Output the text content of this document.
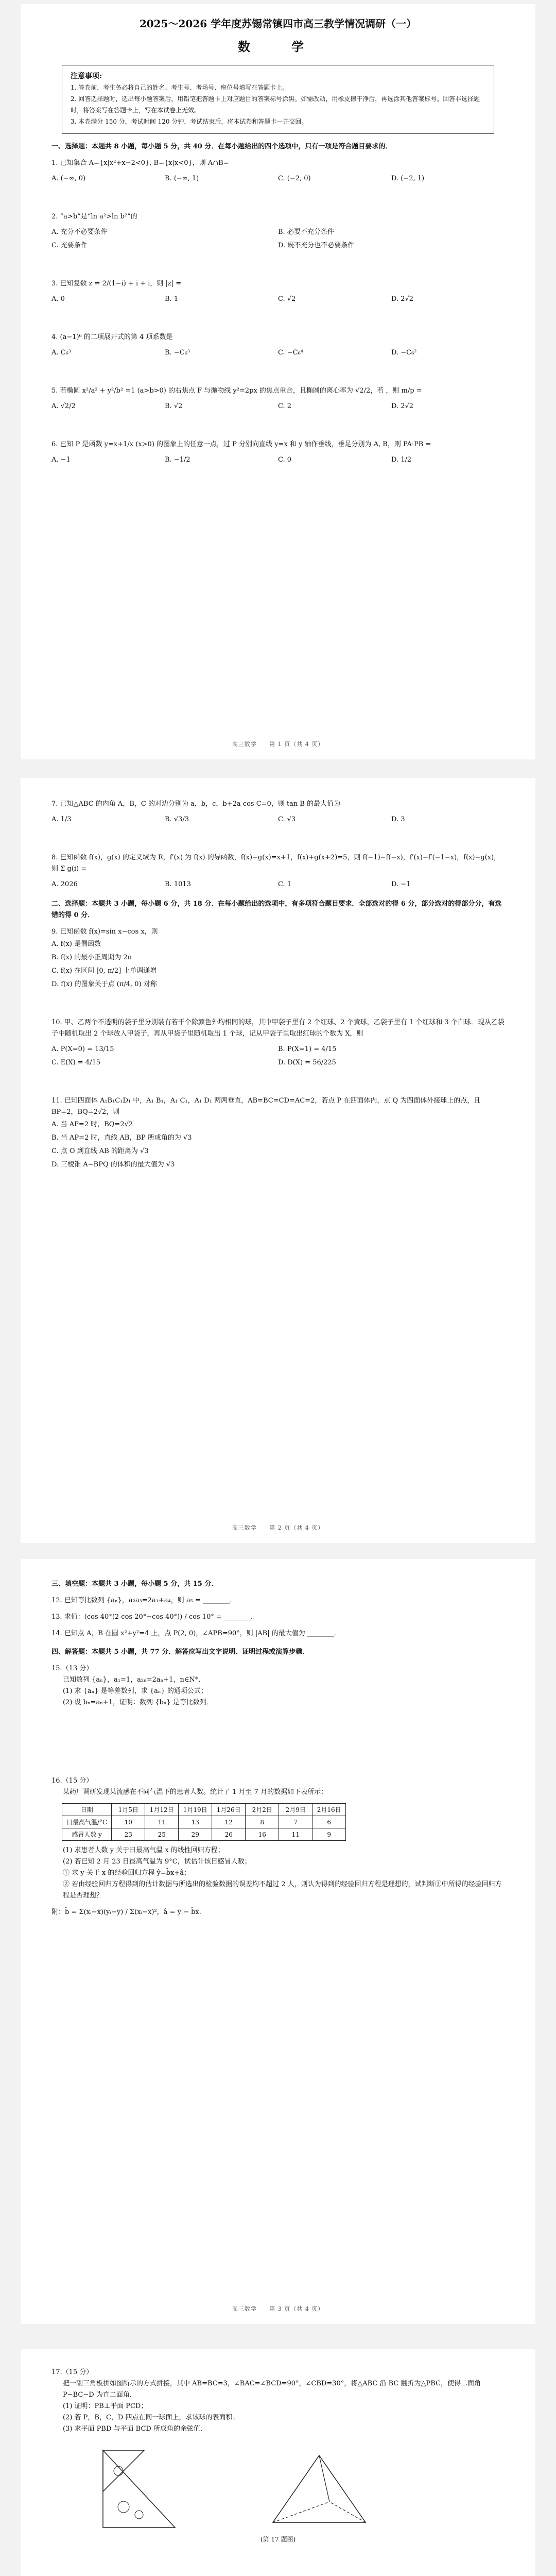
2025～2026 学年度苏锡常镇四市高三教学情况调研（一）
数　学
注意事项:
1. 答卷前，考生务必将自己的姓名、考生号、考场号、座位号填写在答题卡上。
2. 回答选择题时，选出每小题答案后，用铅笔把答题卡上对应题目的答案标号涂黑。如需改动，用橡皮擦干净后，再选涂其他答案标号。回答非选择题时，将答案写在答题卡上，写在本试卷上无效。
3. 本卷满分 150 分，考试时间 120 分钟，考试结束后，将本试卷和答题卡一并交回。
一、选择题：本题共 8 小题，每小题 5 分，共 40 分．在每小题给出的四个选项中，只有一项是符合题目要求的．
1. 已知集合 A={x|x²+x−2<0}, B={x|x<0}，则 A∩B=
A. (−∞, 0)	B. (−∞, 1)	C. (−2, 0)	D. (−2, 1)
2. “a>b”是“ln a²>ln b²”的
A. 充分不必要条件	B. 必要不充分条件
C. 充要条件	D. 既不充分也不必要条件
3. 已知复数 z = 2/(1−i) + i + i，则 |z| =
A. 0	B. 1	C. √2	D. 2√2
4. (a−1)⁶ 的二项展开式的第 4 项系数是
A. C₆³	B. −C₆³	C. −C₆⁴	D. −C₆²
5. 若椭圆 x²/a² + y²/b² =1 (a>b>0) 的右焦点 F 与抛物线 y²=2px 的焦点重合，且椭圆的离心率为 √2/2，若 ，则 m/p =
A. √2/2	B. √2	C. 2	D. 2√2
6. 已知 P 是函数 y=x+1/x (x>0) 的图象上的任意一点，过 P 分别向直线 y=x 和 y 轴作垂线，垂足分别为 A, B，则 PA·PB =
A. −1	B. −1/2	C. 0	D. 1/2
高三数学 第 1 页（共 4 页）
7. 已知△ABC 的内角 A，B，C 的对边分别为 a，b，c，b+2a cos C=0，则 tan B 的最大值为
A. 1/3	B. √3/3	C. √3	D. 3
8. 已知函数 f(x)，g(x) 的定义域为 R，f′(x) 为 f(x) 的导函数，f(x)−g(x)=x+1，f(x)+g(x+2)=5，则 f(−1)−f(−x)，f′(x)−f′(−1−x)，f(x)−g(x)，则 Σ g(i) =
A. 2026	B. 1013	C. 1	D. −1
二、选择题：本题共 3 小题，每小题 6 分，共 18 分．在每小题给出的选项中，有多项符合题目要求．全部选对的得 6 分，部分选对的得部分分，有选错的得 0 分．
9. 已知函数 f(x)=sin x−cos x，则
A. f(x) 是偶函数
B. f(x) 的最小正周期为 2π
C. f(x) 在区间 [0, π/2] 上单调递增
D. f(x) 的图象关于点 (π/4, 0) 对称
10. 甲、乙两个不透明的袋子里分别装有若干个除颜色外均相同的球，其中甲袋子里有 2 个红球、2 个黄球，乙袋子里有 1 个红球和 3 个白球．现从乙袋子中随机取出 2 个球放入甲袋子，再从甲袋子里随机取出 1 个球，记从甲袋子里取出红球的个数为 X，则
A. P(X=0) = 13/15	B. P(X=1) = 4/15
C. E(X) = 4/15	D. D(X) = 56/225
11. 已知四面体 A₁B₁C₁D₁ 中，A₁ B₁，A₁ C₁，A₁ D₁ 两两垂直，AB=BC=CD=AC=2，若点 P 在四面体内，点 Q 为四面体外接球上的点，且 BP=2，BQ=2√2，则
A. 当 AP=2 时，BQ=2√2
B. 当 AP=2 时，直线 AB，BP 所成角的为 √3
C. 点 O 到直线 AB 的距离为 √3
D. 三棱锥 A−BPQ 的体积的最大值为 √3
高三数学 第 2 页（共 4 页）
三、填空题：本题共 3 小题，每小题 5 分，共 15 分．
12. 已知等比数列 {aₙ}，a₂a₃=2a₁+a₄，则 a₅ = ________．
13. 求值：(cos 40°(2 cos 20°−cos 40°)) / cos 10° = ________．
14. 已知点 A，B 在圆 x²+y²=4 上，点 P(2, 0)，∠APB=90°，则 |AB| 的最大值为 ________．
四、解答题：本题共 5 小题，共 77 分．解答应写出文字说明、证明过程或演算步骤．
15.（13 分）
已知数列 {aₙ}，a₁=1，a₂ₙ=2aₙ+1，n∈N*．
(1) 求 {aₙ} 是等差数列，求 {aₙ} 的通项公式；
(2) 设 bₙ=aₙ+1，证明：数列 {bₙ} 是等比数列．
16.（15 分）
某药厂调研发现某流感在不同气温下的患者人数。统计了 1 月至 7 月的数据如下表所示：
日期	1月5日	1月12日	1月19日	1月26日	2月2日	2月9日	2月16日
日最高气温/°C	10	11	13	12	8	7	6
感冒人数 y	23	25	29	26	16	11	9
(1) 求患者人数 y 关于日最高气温 x 的线性回归方程；
(2) 若已知 2 月 23 日最高气温为 9°C，试估计该日感冒人数；
① 求 y 关于 x 的经验回归方程 ŷ=b̂x+â；
② 若由经验回归方程得到的估计数据与所选出的检验数据的误差均不超过 2 人，则认为得到的经验回归方程是理想的，试判断①中所得的经验回归方程是否理想？
附：b̂ = Σ(xᵢ−x̄)(yᵢ−ȳ) / Σ(xᵢ−x̄)²，â = ȳ − b̂x̄．
高三数学 第 3 页（共 4 页）
17.（15 分）
把一副三角板拼如图所示的方式拼接，其中 AB=BC=3，∠BAC=∠BCD=90°，∠CBD=30°，将△ABC 沿 BC 翻折为△PBC，使得二面角 P−BC−D 为直二面角．
(1) 证明：PB⊥平面 PCD；
(2) 若 P，B，C，D 四点在同一球面上，求该球的表面积；
(3) 求平面 PBD 与平面 BCD 所成角的余弦值．
(第 17 题图)
